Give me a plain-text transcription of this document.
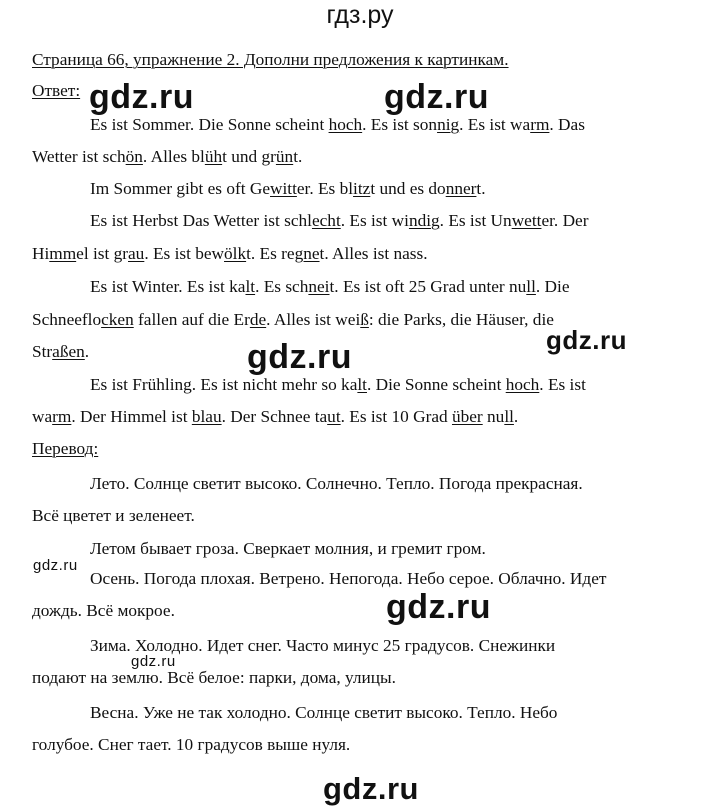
гдз.ру
Страница 66, упражнение 2. Дополни предложения к картинкам.
Ответ:
Es ist Sommer. Die Sonne scheint hoch. Es ist sonnig. Es ist warm. Das
Wetter ist schön. Alles blüht und grünt.
Im Sommer gibt es oft Gewitter. Es blitzt und es donnert.
Es ist Herbst Das Wetter ist schlecht. Es ist windig. Es ist Unwetter. Der
Himmel ist grau. Es ist bewölkt. Es regnet. Alles ist nass.
Es ist Winter. Es ist kalt. Es schneit. Es ist oft 25 Grad unter null. Die
Schneeflocken fallen auf die Erde. Alles ist weiß: die Parks, die Häuser, die
Straßen.
Es ist Frühling. Es ist nicht mehr so kalt. Die Sonne scheint hoch. Es ist
warm. Der Himmel ist blau. Der Schnee taut. Es ist 10 Grad über null.
Перевод:
Лето. Солнце светит высоко. Солнечно. Тепло. Погода прекрасная.
Всё цветет и зеленеет.
Летом бывает гроза. Сверкает молния, и гремит гром.
Осень. Погода плохая. Ветрено. Непогода. Небо серое. Облачно. Идет
дождь. Всё мокрое.
Зима. Холодно. Идет снег. Часто минус 25 градусов. Снежинки
подают на землю. Всё белое: парки, дома, улицы.
Весна. Уже не так холодно. Солнце светит высоко. Тепло. Небо
голубое. Снег тает. 10 градусов выше нуля.
gdz.ru	gdz.ru
gdz.ru	gdz.ru
gdz.ru
gdz.ru
gdz.ru
gdz.ru
